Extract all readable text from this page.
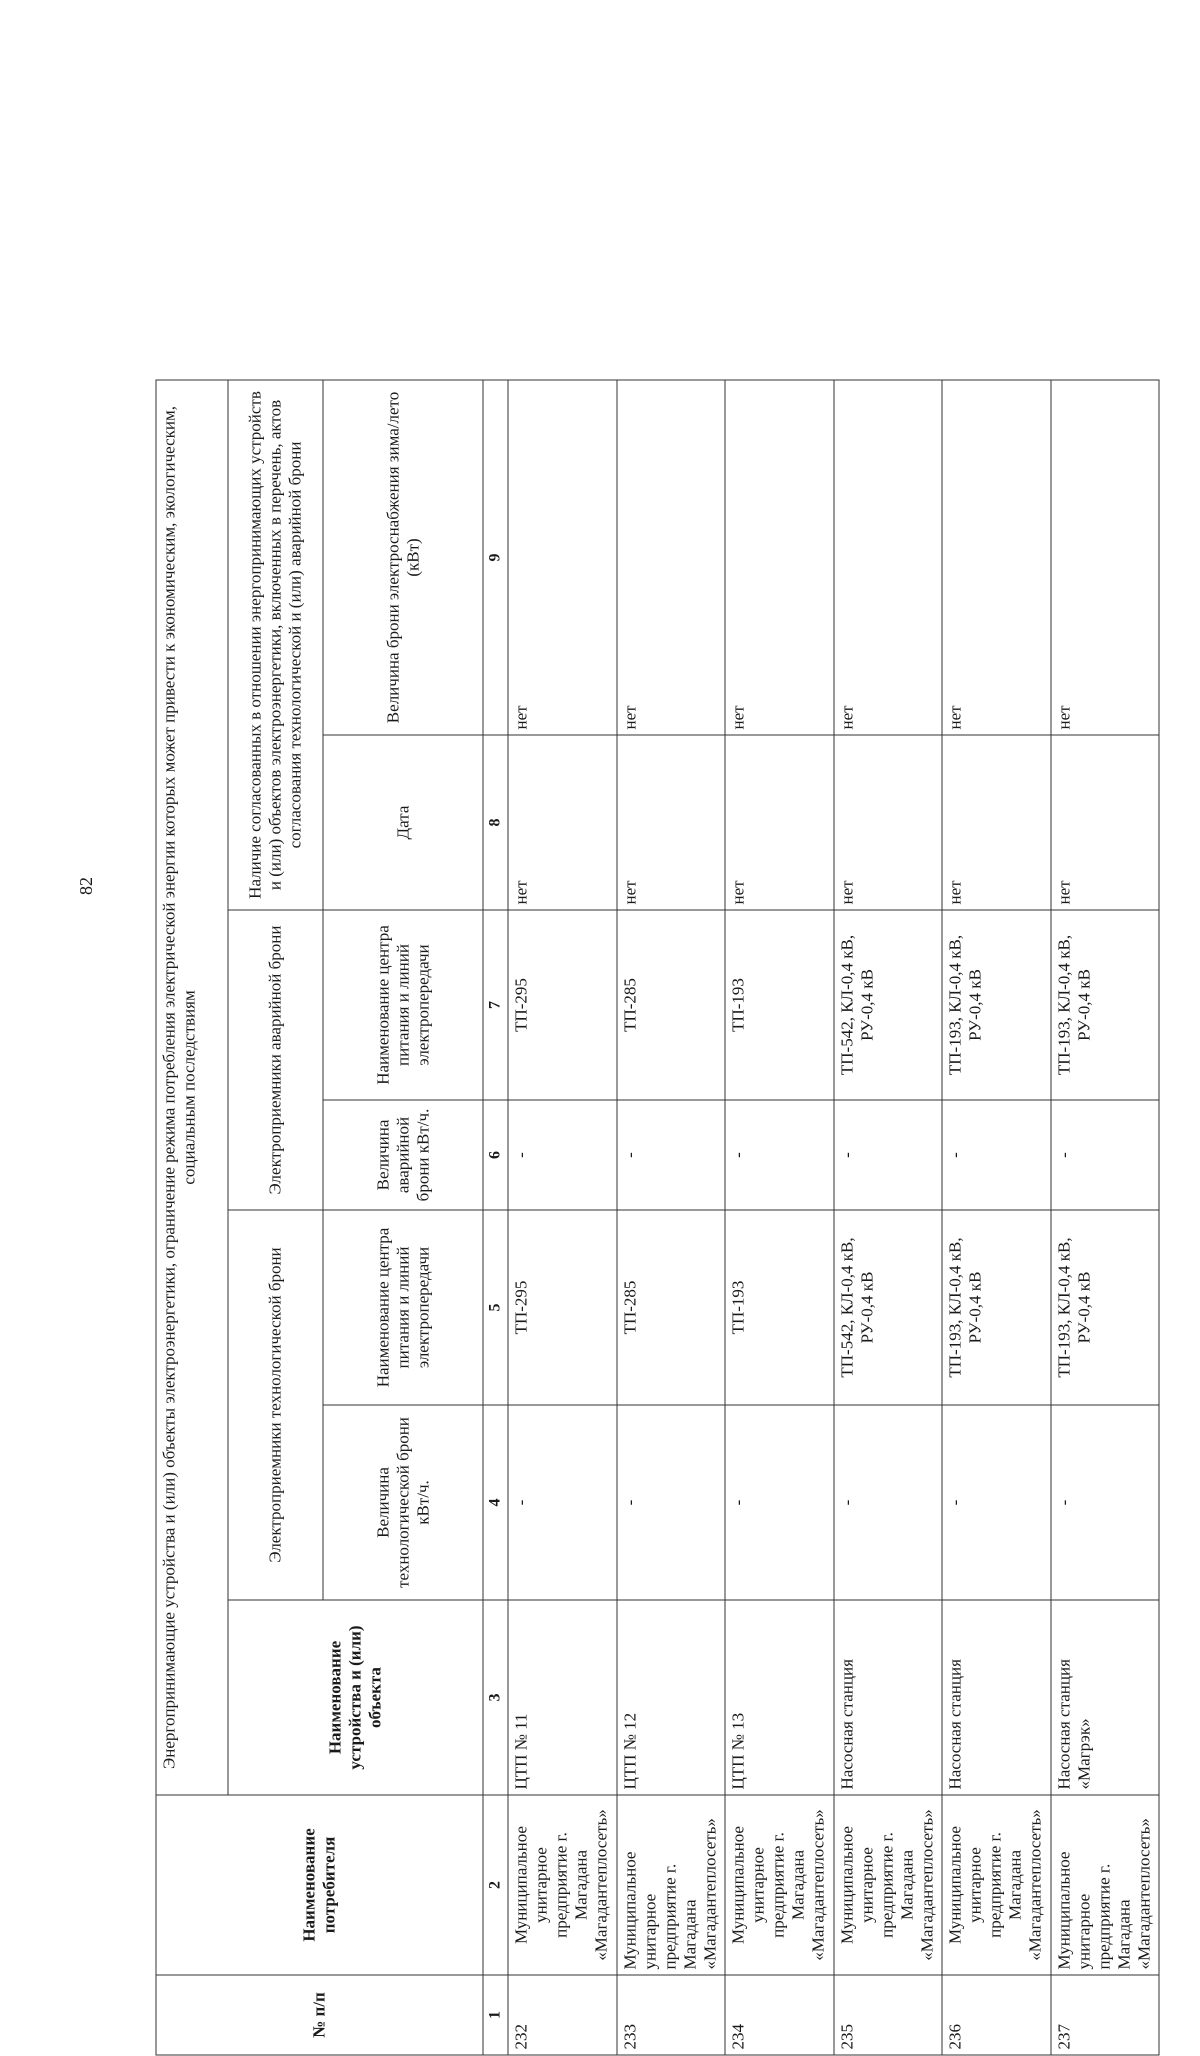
82
№ п/п	Наименование потребителя	Энергопринимающие устройства и (или) объекты электроэнергетики, ограничение режима потребления электрической энергии которых может привести к экономическим, экологическим, социальным последствиям						
		Наименование устройства и (или) объекта	Электроприемники технологической брони		Электроприемники аварийной брони		Наличие согласованных в отношении энергопринимающих устройств и (или) объектов электроэнергетики, включенных в перечень, актов согласования технологической и (или) аварийной брони	
			Величина технологической брони кВт/ч.	Наименование центра питания и линий электропередачи	Величина аварийной брони кВт/ч.	Наименование центра питания и линий электропередачи	Дата	Величина брони электроснабжения зима/лето (кВт)
1	2	3	4	5	6	7	8	9
232	Муниципальное унитарное предприятие г. Магадана «Магадантеплосеть»	ЦТП № 11	-	ТП-295	-	ТП-295	нет	нет
233	Муниципальное унитарное предприятие г. Магадана «Магадантеплосеть»	ЦТП № 12	-	ТП-285	-	ТП-285	нет	нет
234	Муниципальное унитарное предприятие г. Магадана «Магадантеплосеть»	ЦТП № 13	-	ТП-193	-	ТП-193	нет	нет
235	Муниципальное унитарное предприятие г. Магадана «Магадантеплосеть»	Насосная станция	-	ТП-542, КЛ-0,4 кВ, РУ-0,4 кВ	-	ТП-542, КЛ-0,4 кВ, РУ-0,4 кВ	нет	нет
236	Муниципальное унитарное предприятие г. Магадана «Магадантеплосеть»	Насосная станция	-	ТП-193, КЛ-0,4 кВ, РУ-0,4 кВ	-	ТП-193, КЛ-0,4 кВ, РУ-0,4 кВ	нет	нет
237	Муниципальное унитарное предприятие г. Магадана «Магадантеплосеть»	Насосная станция «Магрэк»	-	ТП-193, КЛ-0,4 кВ, РУ-0,4 кВ	-	ТП-193, КЛ-0,4 кВ, РУ-0,4 кВ	нет	нет
